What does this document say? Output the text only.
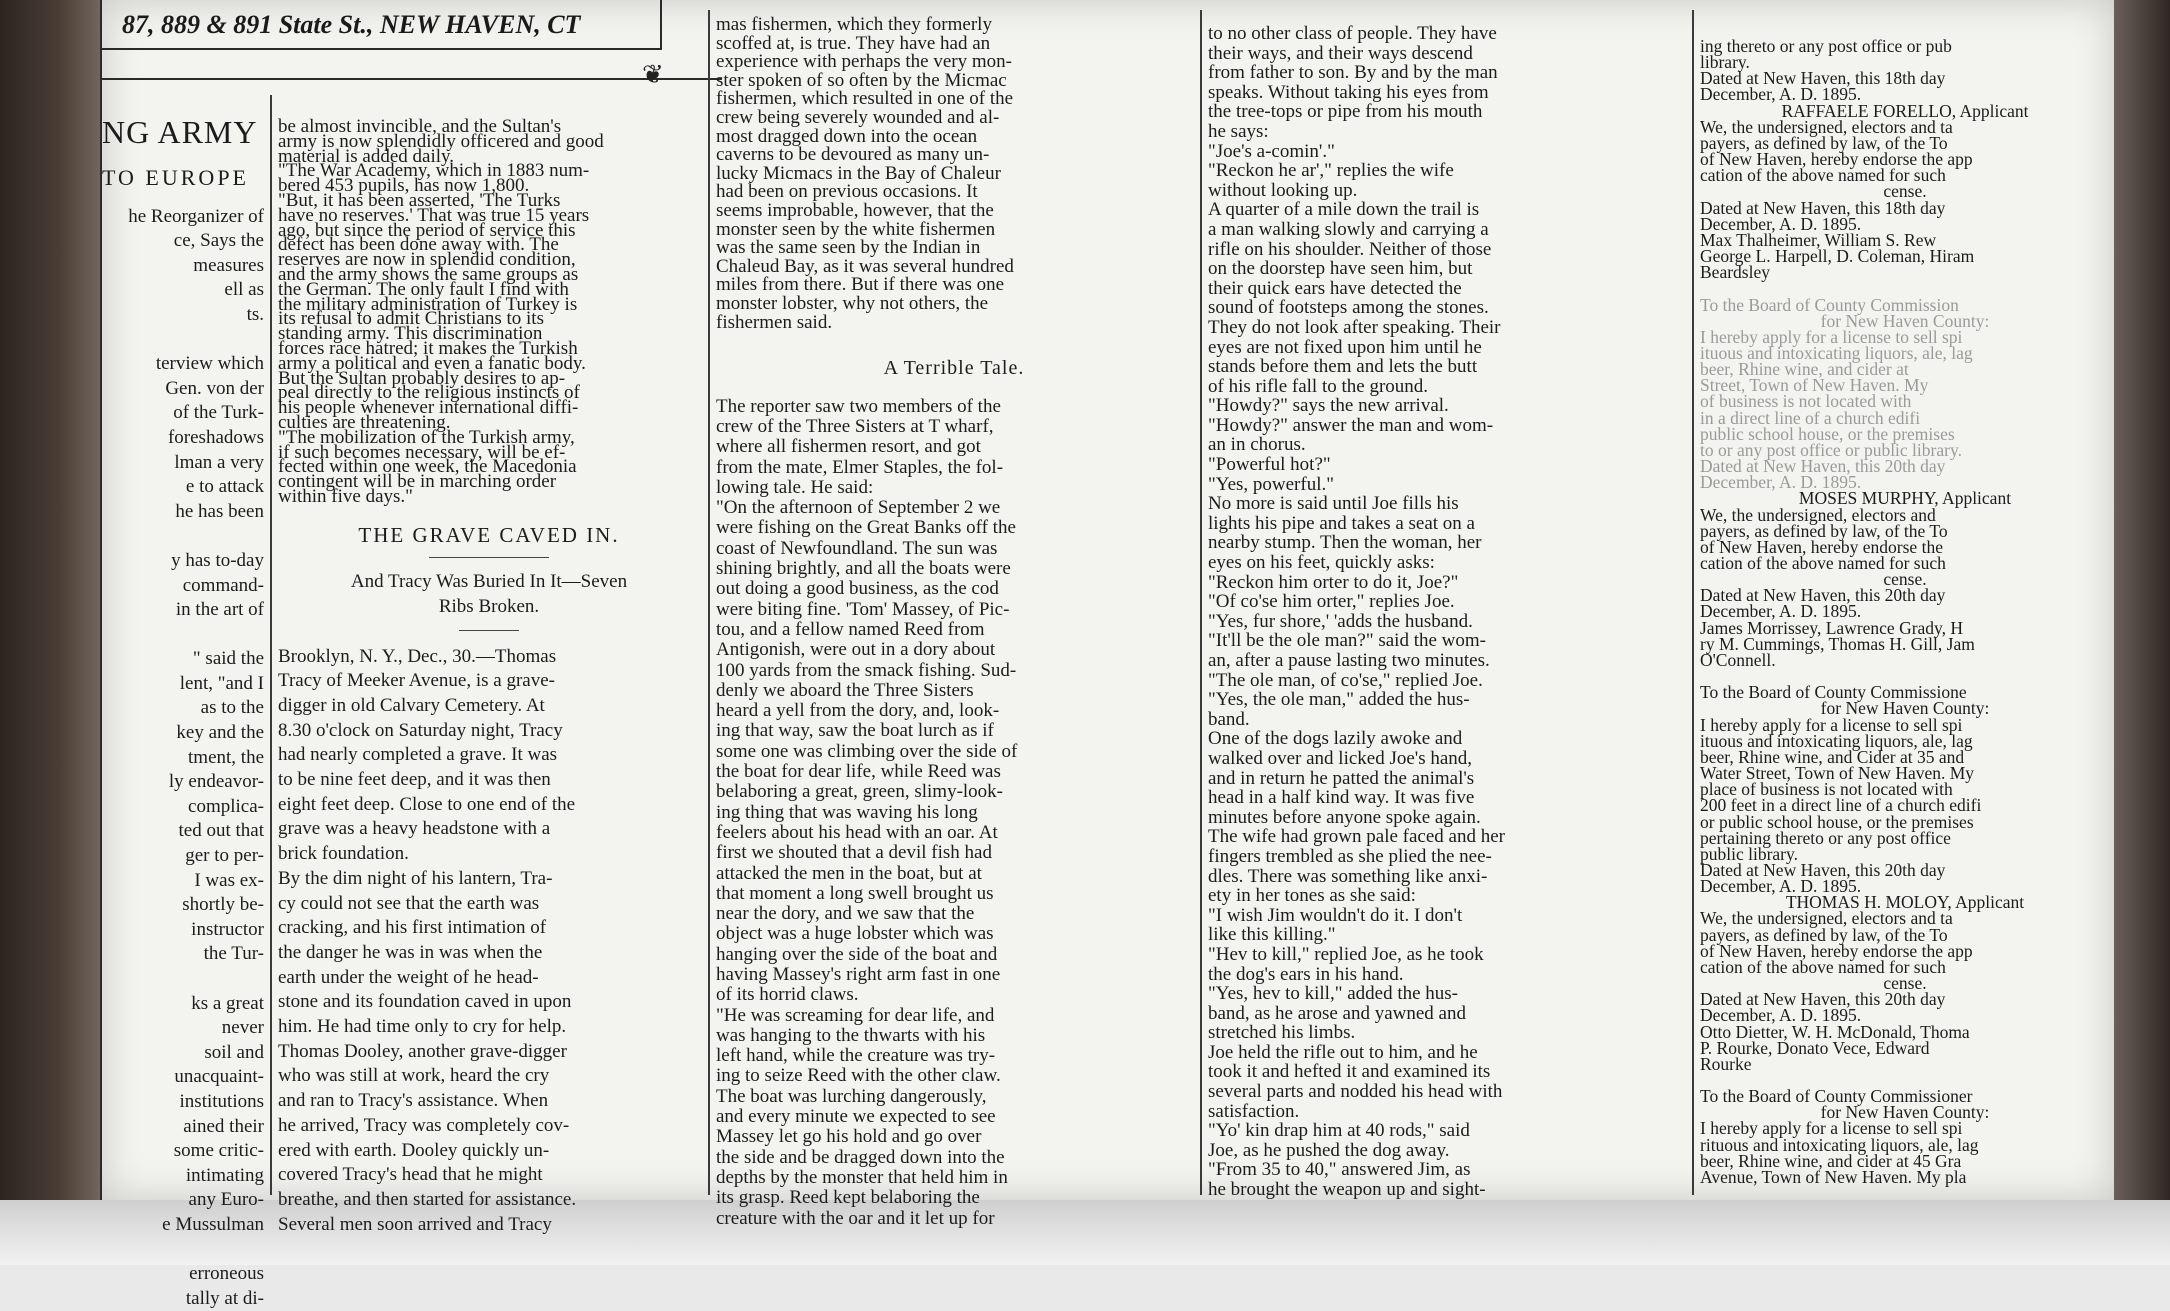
87, 889 & 891 State St., NEW HAVEN, CT
❦

NG ARMY

TO EUROPE

he Reorganizer of

ce, Says the

measures

ell as

ts.

terview which

Gen. von der

of the Turk-

foreshadows

lman a very

e to attack

he has been

y has to-day

command-

in the art of

" said the

lent, "and I

as to the

key and the

tment, the

ly endeavor-

complica-

ted out that

ger to per-

I was ex-

shortly be-

instructor

the Tur-

ks a great

never

soil and

unacquaint-

institutions

ained their

some critic-

intimating

any Euro-

e Mussulman

erroneous

tally at di-

be almost invincible, and the Sultan's

army is now splendidly officered and good

material is added daily.

"The War Academy, which in 1883 num-

bered 453 pupils, has now 1,800.

"But, it has been asserted, 'The Turks

have no reserves.' That was true 15 years

ago, but since the period of service this

defect has been done away with. The

reserves are now in splendid condition,

and the army shows the same groups as

the German. The only fault I find with

the military administration of Turkey is

its refusal to admit Christians to its

standing army. This discrimination

forces race hatred; it makes the Turkish

army a political and even a fanatic body.

But the Sultan probably desires to ap-

peal directly to the religious instincts of

his people whenever international diffi-

culties are threatening.

"The mobilization of the Turkish army,

if such becomes necessary, will be ef-

fected within one week, the Macedonia

contingent will be in marching order

within five days."

THE GRAVE CAVED IN.

And Tracy Was Buried In It—Seven

Ribs Broken.

Brooklyn, N. Y., Dec., 30.—Thomas

Tracy of Meeker Avenue, is a grave-

digger in old Calvary Cemetery. At

8.30 o'clock on Saturday night, Tracy

had nearly completed a grave. It was

to be nine feet deep, and it was then

eight feet deep. Close to one end of the

grave was a heavy headstone with a

brick foundation.

By the dim night of his lantern, Tra-

cy could not see that the earth was

cracking, and his first intimation of

the danger he was in was when the

earth under the weight of he head-

stone and its foundation caved in upon

him. He had time only to cry for help.

Thomas Dooley, another grave-digger

who was still at work, heard the cry

and ran to Tracy's assistance. When

he arrived, Tracy was completely cov-

ered with earth. Dooley quickly un-

covered Tracy's head that he might

breathe, and then started for assistance.

Several men soon arrived and Tracy

mas fishermen, which they formerly

scoffed at, is true. They have had an

experience with perhaps the very mon-

ster spoken of so often by the Micmac

fishermen, which resulted in one of the

crew being severely wounded and al-

most dragged down into the ocean

caverns to be devoured as many un-

lucky Micmacs in the Bay of Chaleur

had been on previous occasions. It

seems improbable, however, that the

monster seen by the white fishermen

was the same seen by the Indian in

Chaleud Bay, as it was several hundred

miles from there. But if there was one

monster lobster, why not others, the

fishermen said.

A Terrible Tale.

The reporter saw two members of the

crew of the Three Sisters at T wharf,

where all fishermen resort, and got

from the mate, Elmer Staples, the fol-

lowing tale. He said:

"On the afternoon of September 2 we

were fishing on the Great Banks off the

coast of Newfoundland. The sun was

shining brightly, and all the boats were

out doing a good business, as the cod

were biting fine. 'Tom' Massey, of Pic-

tou, and a fellow named Reed from

Antigonish, were out in a dory about

100 yards from the smack fishing. Sud-

denly we aboard the Three Sisters

heard a yell from the dory, and, look-

ing that way, saw the boat lurch as if

some one was climbing over the side of

the boat for dear life, while Reed was

belaboring a great, green, slimy-look-

ing thing that was waving his long

feelers about his head with an oar. At

first we shouted that a devil fish had

attacked the men in the boat, but at

that moment a long swell brought us

near the dory, and we saw that the

object was a huge lobster which was

hanging over the side of the boat and

having Massey's right arm fast in one

of its horrid claws.

"He was screaming for dear life, and

was hanging to the thwarts with his

left hand, while the creature was try-

ing to seize Reed with the other claw.

The boat was lurching dangerously,

and every minute we expected to see

Massey let go his hold and go over

the side and be dragged down into the

depths by the monster that held him in

its grasp. Reed kept belaboring the

creature with the oar and it let up for

to no other class of people. They have

their ways, and their ways descend

from father to son. By and by the man

speaks. Without taking his eyes from

the tree-tops or pipe from his mouth

he says:

"Joe's a-comin'."

"Reckon he ar'," replies the wife

without looking up.

A quarter of a mile down the trail is

a man walking slowly and carrying a

rifle on his shoulder. Neither of those

on the doorstep have seen him, but

their quick ears have detected the

sound of footsteps among the stones.

They do not look after speaking. Their

eyes are not fixed upon him until he

stands before them and lets the butt

of his rifle fall to the ground.

"Howdy?" says the new arrival.

"Howdy?" answer the man and wom-

an in chorus.

"Powerful hot?"

"Yes, powerful."

No more is said until Joe fills his

lights his pipe and takes a seat on a

nearby stump. Then the woman, her

eyes on his feet, quickly asks:

"Reckon him orter to do it, Joe?"

"Of co'se him orter," replies Joe.

"Yes, fur shore,' 'adds the husband.

"It'll be the ole man?" said the wom-

an, after a pause lasting two minutes.

"The ole man, of co'se," replied Joe.

"Yes, the ole man," added the hus-

band.

One of the dogs lazily awoke and

walked over and licked Joe's hand,

and in return he patted the animal's

head in a half kind way. It was five

minutes before anyone spoke again.

The wife had grown pale faced and her

fingers trembled as she plied the nee-

dles. There was something like anxi-

ety in her tones as she said:

"I wish Jim wouldn't do it. I don't

like this killing."

"Hev to kill," replied Joe, as he took

the dog's ears in his hand.

"Yes, hev to kill," added the hus-

band, as he arose and yawned and

stretched his limbs.

Joe held the rifle out to him, and he

took it and hefted it and examined its

several parts and nodded his head with

satisfaction.

"Yo' kin drap him at 40 rods," said

Joe, as he pushed the dog away.

"From 35 to 40," answered Jim, as

he brought the weapon up and sight-

ing thereto or any post office or pub

library.

Dated at New Haven, this 18th day

December, A. D. 1895.

RAFFAELE FORELLO, Applicant

We, the undersigned, electors and ta

payers, as defined by law, of the To

of New Haven, hereby endorse the app

cation of the above named for such

cense.

Dated at New Haven, this 18th day

December, A. D. 1895.

Max Thalheimer, William S. Rew

George L. Harpell, D. Coleman, Hiram

Beardsley

To the Board of County Commission

for New Haven County:

I hereby apply for a license to sell spi

ituous and intoxicating liquors, ale, lag

beer, Rhine wine, and cider at

Street, Town of New Haven. My

of business is not located with

in a direct line of a church edifi

public school house, or the premises

to or any post office or public library.

Dated at New Haven, this 20th day

December, A. D. 1895.

MOSES MURPHY, Applicant

We, the undersigned, electors and

payers, as defined by law, of the To

of New Haven, hereby endorse the

cation of the above named for such

cense.

Dated at New Haven, this 20th day

December, A. D. 1895.

James Morrissey, Lawrence Grady, H

ry M. Cummings, Thomas H. Gill, Jam

O'Connell.

To the Board of County Commissione

for New Haven County:

I hereby apply for a license to sell spi

ituous and intoxicating liquors, ale, lag

beer, Rhine wine, and Cider at 35 and

Water Street, Town of New Haven. My

place of business is not located with

200 feet in a direct line of a church edifi

or public school house, or the premises

pertaining thereto or any post office

public library.

Dated at New Haven, this 20th day

December, A. D. 1895.

THOMAS H. MOLOY, Applicant

We, the undersigned, electors and ta

payers, as defined by law, of the To

of New Haven, hereby endorse the app

cation of the above named for such

cense.

Dated at New Haven, this 20th day

December, A. D. 1895.

Otto Dietter, W. H. McDonald, Thoma

P. Rourke, Donato Vece, Edward

Rourke

To the Board of County Commissioner

for New Haven County:

I hereby apply for a license to sell spi

rituous and intoxicating liquors, ale, lag

beer, Rhine wine, and cider at 45 Gra

Avenue, Town of New Haven. My pla
